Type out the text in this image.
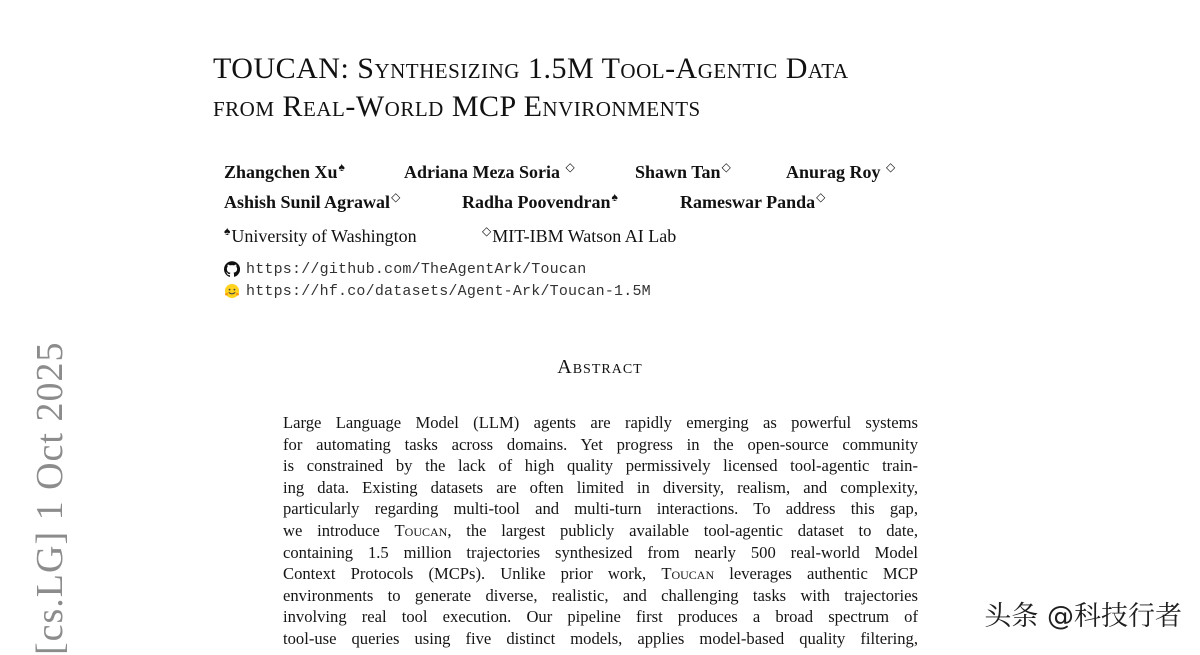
[cs.LG] 1 Oct 2025
TOUCAN: Synthesizing 1.5M Tool-Agentic Data
from Real-World MCP Environments
Zhangchen Xu♠	Adriana Meza Soria ◇	Shawn Tan◇	Anurag Roy ◇
Ashish Sunil Agrawal◇	Radha Poovendran♠	Rameswar Panda◇
♠University of Washington	◇MIT-IBM Watson AI Lab
https://github.com/TheAgentArk/Toucan
https://hf.co/datasets/Agent-Ark/Toucan-1.5M
Abstract
Large Language Model (LLM) agents are rapidly emerging as powerful systems
for automating tasks across domains. Yet progress in the open-source community
is constrained by the lack of high quality permissively licensed tool-agentic train-
ing data. Existing datasets are often limited in diversity, realism, and complexity,
particularly regarding multi-tool and multi-turn interactions. To address this gap,
we introduce Toucan, the largest publicly available tool-agentic dataset to date,
containing 1.5 million trajectories synthesized from nearly 500 real-world Model
Context Protocols (MCPs). Unlike prior work, Toucan leverages authentic MCP
environments to generate diverse, realistic, and challenging tasks with trajectories
involving real tool execution. Our pipeline first produces a broad spectrum of
tool-use queries using five distinct models, applies model-based quality filtering,
头条 @科技行者
